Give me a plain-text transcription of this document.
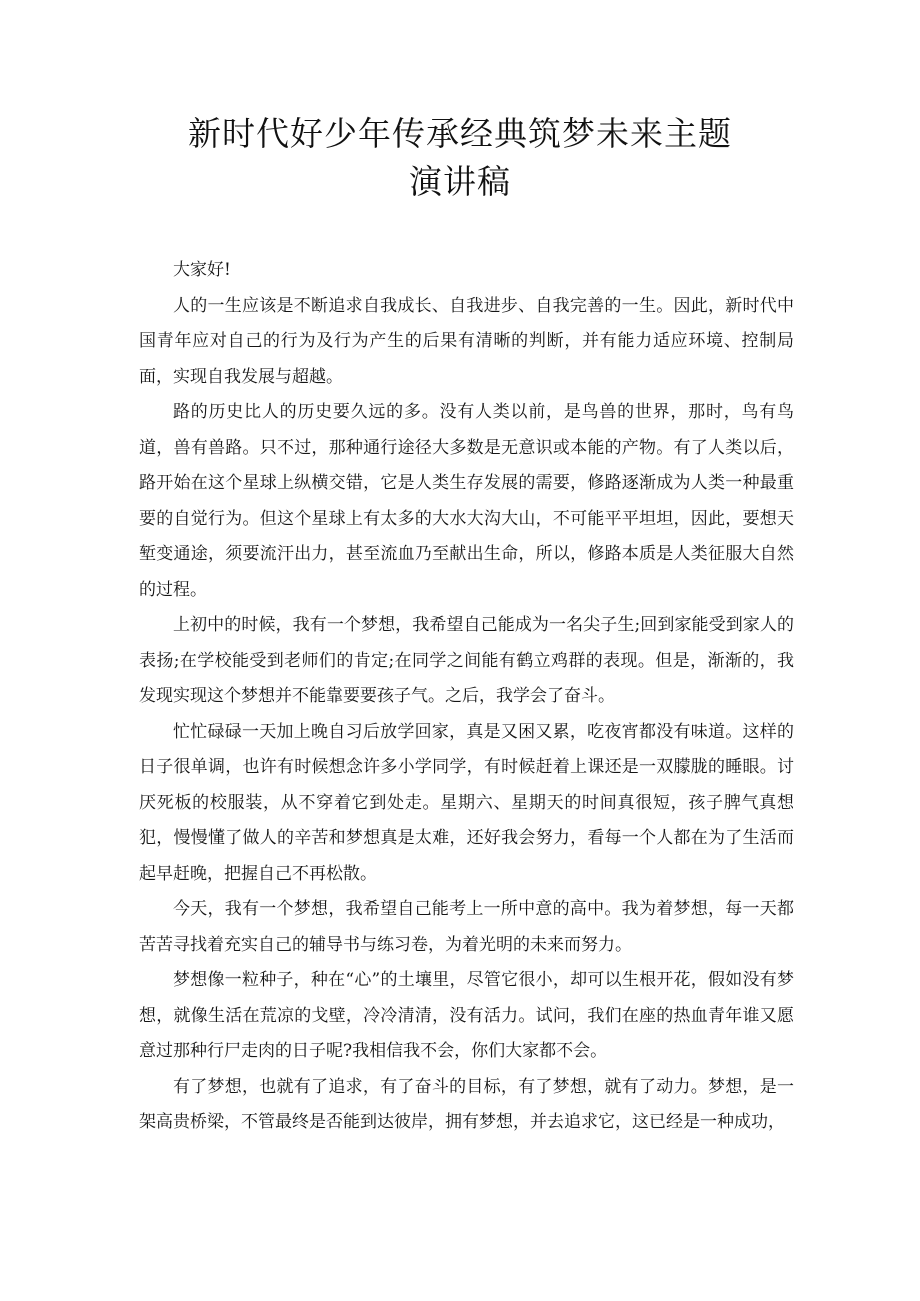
新时代好少年传承经典筑梦未来主题
演讲稿

大家好!

人的一生应该是不断追求自我成长、自我进步、自我完善的一生。因此，新时代中国青年应对自己的行为及行为产生的后果有清晰的判断，并有能力适应环境、控制局面，实现自我发展与超越。

路的历史比人的历史要久远的多。没有人类以前，是鸟兽的世界，那时，鸟有鸟道，兽有兽路。只不过，那种通行途径大多数是无意识或本能的产物。有了人类以后，路开始在这个星球上纵横交错，它是人类生存发展的需要，修路逐渐成为人类一种最重要的自觉行为。但这个星球上有太多的大水大沟大山，不可能平平坦坦，因此，要想天堑变通途，须要流汗出力，甚至流血乃至献出生命，所以，修路本质是人类征服大自然的过程。

上初中的时候，我有一个梦想，我希望自己能成为一名尖子生;回到家能受到家人的表扬;在学校能受到老师们的肯定;在同学之间能有鹤立鸡群的表现。但是，渐渐的，我发现实现这个梦想并不能靠要要孩子气。之后，我学会了奋斗。

忙忙碌碌一天加上晚自习后放学回家，真是又困又累，吃夜宵都没有味道。这样的日子很单调，也许有时候想念许多小学同学，有时候赶着上课还是一双朦胧的睡眼。讨厌死板的校服装，从不穿着它到处走。星期六、星期天的时间真很短，孩子脾气真想犯，慢慢懂了做人的辛苦和梦想真是太难，还好我会努力，看每一个人都在为了生活而起早赶晚，把握自己不再松散。

今天，我有一个梦想，我希望自己能考上一所中意的高中。我为着梦想，每一天都苦苦寻找着充实自己的辅导书与练习卷，为着光明的未来而努力。

梦想像一粒种子，种在“心”的土壤里，尽管它很小，却可以生根开花，假如没有梦想，就像生活在荒凉的戈壁，冷冷清清，没有活力。试问，我们在座的热血青年谁又愿意过那种行尸走肉的日子呢?我相信我不会，你们大家都不会。

有了梦想，也就有了追求，有了奋斗的目标，有了梦想，就有了动力。梦想，是一架高贵桥梁，不管最终是否能到达彼岸，拥有梦想，并去追求它，这已经是一种成功，
